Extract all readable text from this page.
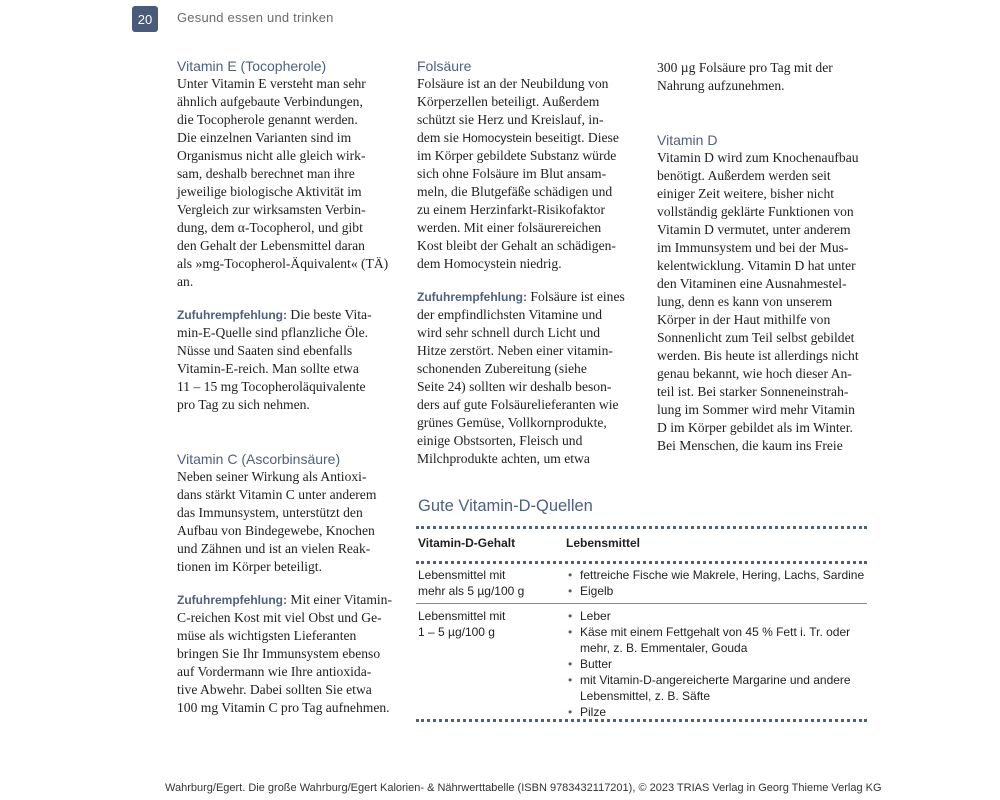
20	Gesund essen und trinken

Vitamin E (Tocopherole)

Unter Vitamin E versteht man sehr

ähnlich aufgebaute Verbindungen,

die Tocopherole genannt werden.

Die einzelnen Varianten sind im

Organismus nicht alle gleich wirk-

sam, deshalb berechnet man ihre

jeweilige biologische Aktivität im

Vergleich zur wirksamsten Verbin-

dung, dem α-Tocopherol, und gibt

den Gehalt der Lebensmittel daran

als »mg-Tocopherol-Äquivalent« (TÄ)

an.

Zufuhrempfehlung: Die beste Vita-

min-E-Quelle sind pflanzliche Öle.

Nüsse und Saaten sind ebenfalls

Vitamin-E-reich. Man sollte etwa

11 – 15 mg Tocopheroläquivalente

pro Tag zu sich nehmen.

Vitamin C (Ascorbinsäure)

Neben seiner Wirkung als Antioxi-

dans stärkt Vitamin C unter anderem

das Immunsystem, unterstützt den

Aufbau von Bindegewebe, Knochen

und Zähnen und ist an vielen Reak-

tionen im Körper beteiligt.

Zufuhrempfehlung: Mit einer Vitamin-

C-reichen Kost mit viel Obst und Ge-

müse als wichtigsten Lieferanten

bringen Sie Ihr Immunsystem ebenso

auf Vordermann wie Ihre antioxida-

tive Abwehr. Dabei sollten Sie etwa

100 mg Vitamin C pro Tag aufnehmen.

Folsäure

Folsäure ist an der Neubildung von

Körperzellen beteiligt. Außerdem

schützt sie Herz und Kreislauf, in-

dem sie Homocystein beseitigt. Diese

im Körper gebildete Substanz würde

sich ohne Folsäure im Blut ansam-

meln, die Blutgefäße schädigen und

zu einem Herzinfarkt-Risikofaktor

werden. Mit einer folsäurereichen

Kost bleibt der Gehalt an schädigen-

dem Homocystein niedrig.

Zufuhrempfehlung: Folsäure ist eines

der empfindlichsten Vitamine und

wird sehr schnell durch Licht und

Hitze zerstört. Neben einer vitamin-

schonenden Zubereitung (siehe

Seite 24) sollten wir deshalb beson-

ders auf gute Folsäurelieferanten wie

grünes Gemüse, Vollkornprodukte,

einige Obstsorten, Fleisch und

Milchprodukte achten, um etwa

300 µg Folsäure pro Tag mit der

Nahrung aufzunehmen.

Vitamin D

Vitamin D wird zum Knochenaufbau

benötigt. Außerdem werden seit

einiger Zeit weitere, bisher nicht

vollständig geklärte Funktionen von

Vitamin D vermutet, unter anderem

im Immunsystem und bei der Mus-

kelentwicklung. Vitamin D hat unter

den Vitaminen eine Ausnahmestel-

lung, denn es kann von unserem

Körper in der Haut mithilfe von

Sonnenlicht zum Teil selbst gebildet

werden. Bis heute ist allerdings nicht

genau bekannt, wie hoch dieser An-

teil ist. Bei starker Sonneneinstrah-

lung im Sommer wird mehr Vitamin

D im Körper gebildet als im Winter.

Bei Menschen, die kaum ins Freie

Gute Vitamin-D-Quellen

Vitamin-D-Gehalt	Lebensmittel
Lebensmittel mit
mehr als 5 µg/100 g
• fettreiche Fische wie Makrele, Hering, Lachs, Sardine
• Eigelb
Lebensmittel mit
1 – 5 µg/100 g
• Leber
• Käse mit einem Fettgehalt von 45 % Fett i. Tr. oder
mehr, z. B. Emmentaler, Gouda
• Butter
• mit Vitamin-D-angereicherte Margarine und andere
Lebensmittel, z. B. Säfte
• Pilze
Wahrburg/Egert. Die große Wahrburg/Egert Kalorien- & Nährwerttabelle (ISBN 9783432117201), © 2023 TRIAS Verlag in Georg Thieme Verlag KG
